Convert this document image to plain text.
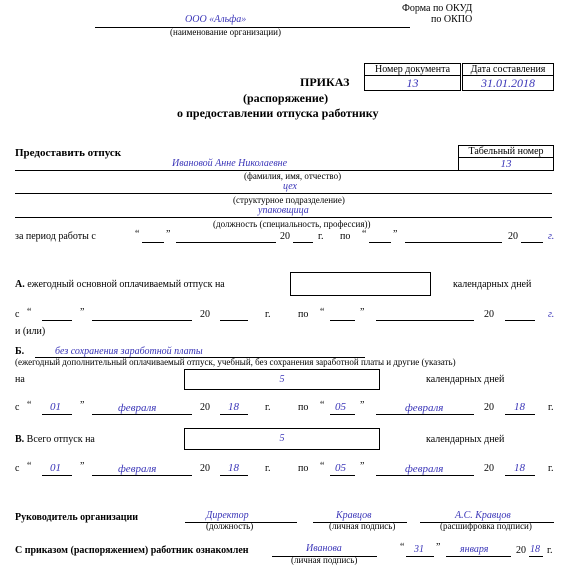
Форма по ОКУД
по ОКПО
ООО «Альфа»
(наименование организации)
Номер документа	Дата составления
13	31.01.2018
ПРИКАЗ
(распоряжение)
о предоставлении отпуска работнику
Предоставить отпуск	Табельный номер
13
Ивановой Анне Николаевне
(фамилия, имя, отчество)
цех
(структурное подразделение)
упаковщица
(должность (специальность, профессия))
за период работы с	“	”	20	г. по “	”	20	г.
А. ежегодный основной оплачиваемый отпуск на	календарных дней
с “	”	20	г.	по “	”	20	г.
и (или)
Б.	без сохранения заработной платы
(ежегодный дополнительный оплачиваемый отпуск, учебный, без сохранения заработной платы и другие (указать)
на	5	календарных дней
с “ 01 ”	февраля	20 18	г.	по “ 05 ”	февраля	20 18 г.
В. Всего отпуск на	5	календарных дней
с “ 01 ”	февраля	20 18	г.	по “ 05 ”	февраля	20 18 г.
Руководитель организации	Директор
(должность)
Кравцов
(личная подпись)
А.С. Кравцов
(расшифровка подписи)
С приказом (распоряжением) работник ознакомлен	Иванова
(личная подпись)
“ 31 ” января	20 18 г.
